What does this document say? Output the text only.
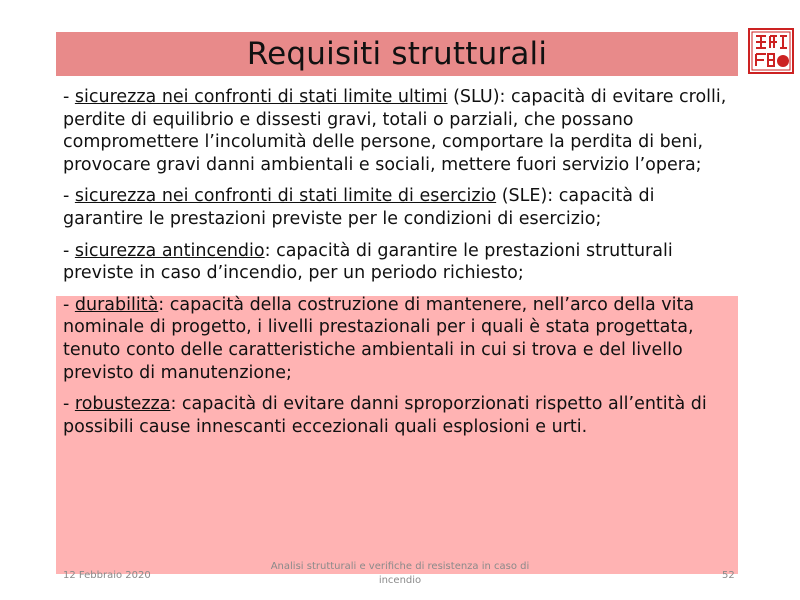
Requisiti strutturali

- sicurezza nei confronti di stati limite ultimi (SLU): capacità di evitare crolli, perdite di equilibrio e dissesti gravi, totali o parziali, che possano compromettere l’incolumità delle persone, comportare la perdita di beni, provocare gravi danni ambientali e sociali, mettere fuori servizio l’opera;

- sicurezza nei confronti di stati limite di esercizio (SLE): capacità di garantire le prestazioni previste per le condizioni di esercizio;

- sicurezza antincendio: capacità di garantire le prestazioni strutturali previste in caso d’incendio, per un periodo richiesto;

- durabilità: capacità della costruzione di mantenere, nell’arco della vita nominale di progetto, i livelli prestazionali per i quali è stata progettata, tenuto conto delle caratteristiche ambientali in cui si trova e del livello previsto di manutenzione;

- robustezza: capacità di evitare danni sproporzionati rispetto all’entità di possibili cause innescanti eccezionali quali esplosioni e urti.

12 Febbraio 2020
Analisi strutturali e verifiche di resistenza in caso di incendio	52
